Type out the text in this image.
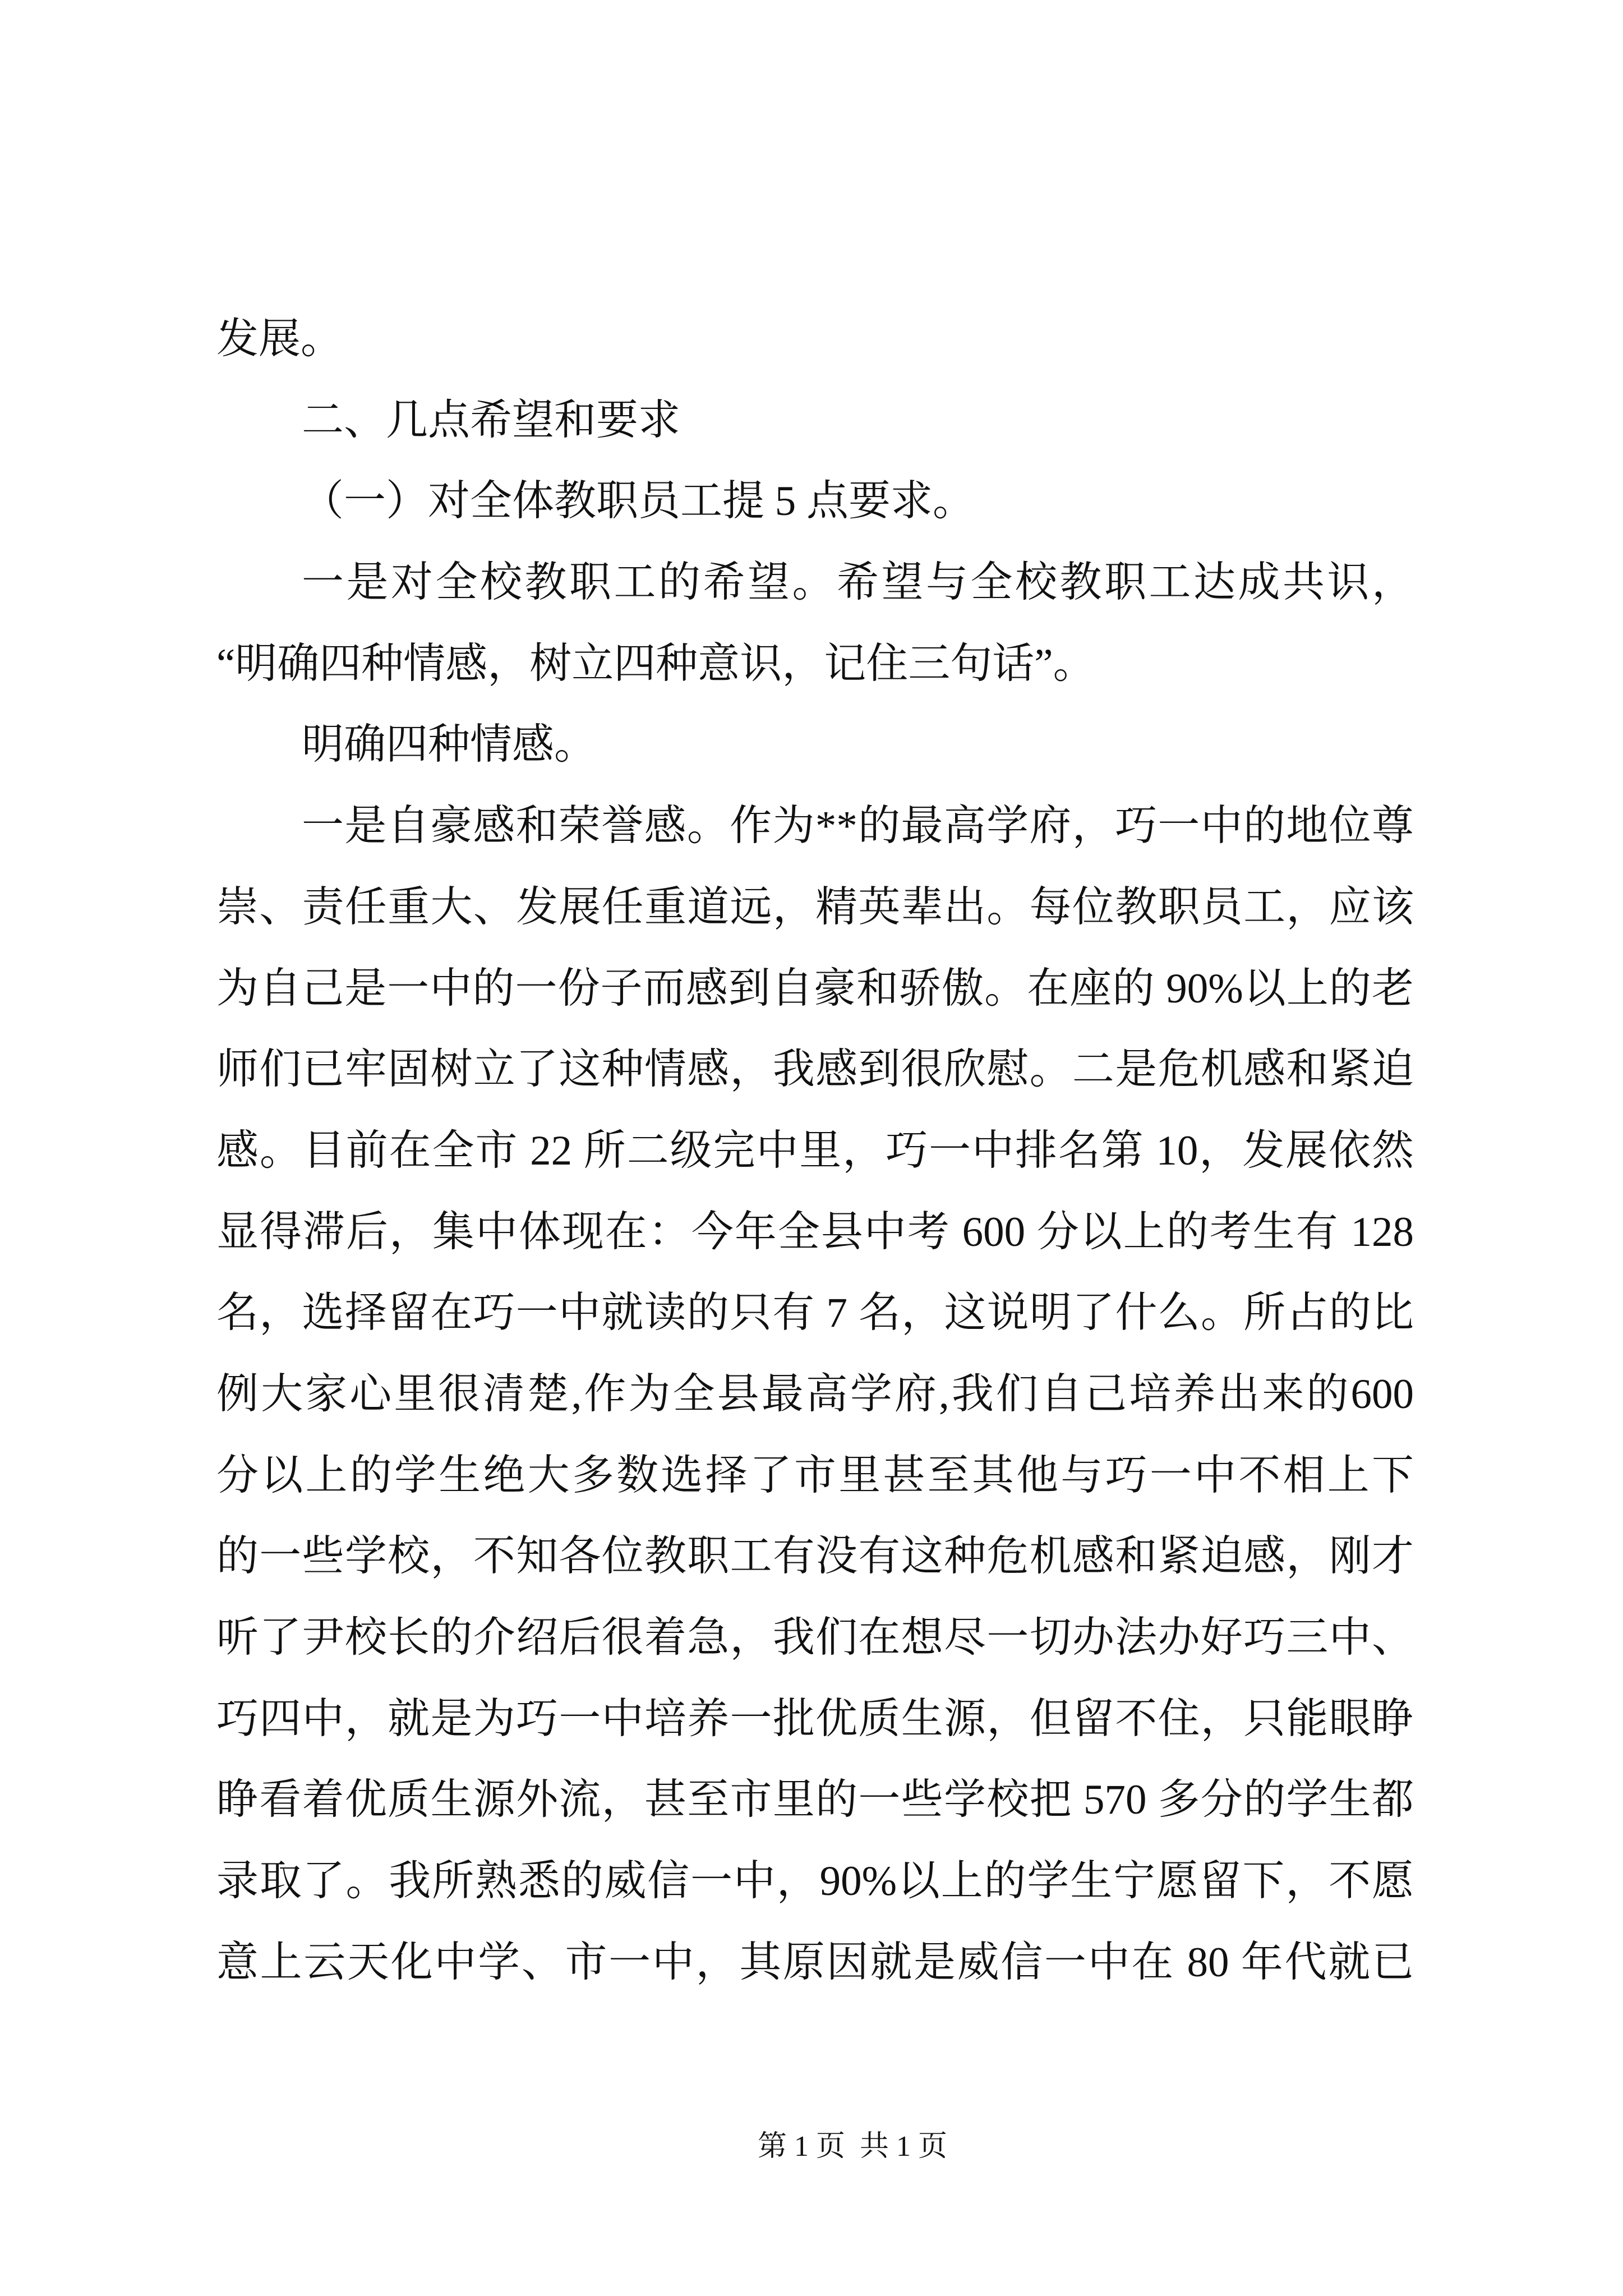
发展。
二、几点希望和要求
（一）对全体教职员工提 5 点要求。
一是对全校教职工的希望。希望与全校教职工达成共识，
“明确四种情感，树立四种意识，记住三句话”。
明确四种情感。
一是自豪感和荣誉感。作为**的最高学府，巧一中的地位尊
崇、责任重大、发展任重道远，精英辈出。每位教职员工，应该
为自己是一中的一份子而感到自豪和骄傲。在座的 90%以上的老
师们已牢固树立了这种情感，我感到很欣慰。二是危机感和紧迫
感。目前在全市 22 所二级完中里，巧一中排名第 10，发展依然
显得滞后，集中体现在：今年全县中考 600 分以上的考生有 128
名，选择留在巧一中就读的只有 7 名，这说明了什么。所占的比
例大家心里很清楚,作为全县最高学府,我们自己培养出来的600
分以上的学生绝大多数选择了市里甚至其他与巧一中不相上下
的一些学校，不知各位教职工有没有这种危机感和紧迫感，刚才
听了尹校长的介绍后很着急，我们在想尽一切办法办好巧三中、
巧四中，就是为巧一中培养一批优质生源，但留不住，只能眼睁
睁看着优质生源外流，甚至市里的一些学校把 570 多分的学生都
录取了。我所熟悉的威信一中，90%以上的学生宁愿留下，不愿
意上云天化中学、市一中，其原因就是威信一中在 80 年代就已
第 1 页  共 1 页
